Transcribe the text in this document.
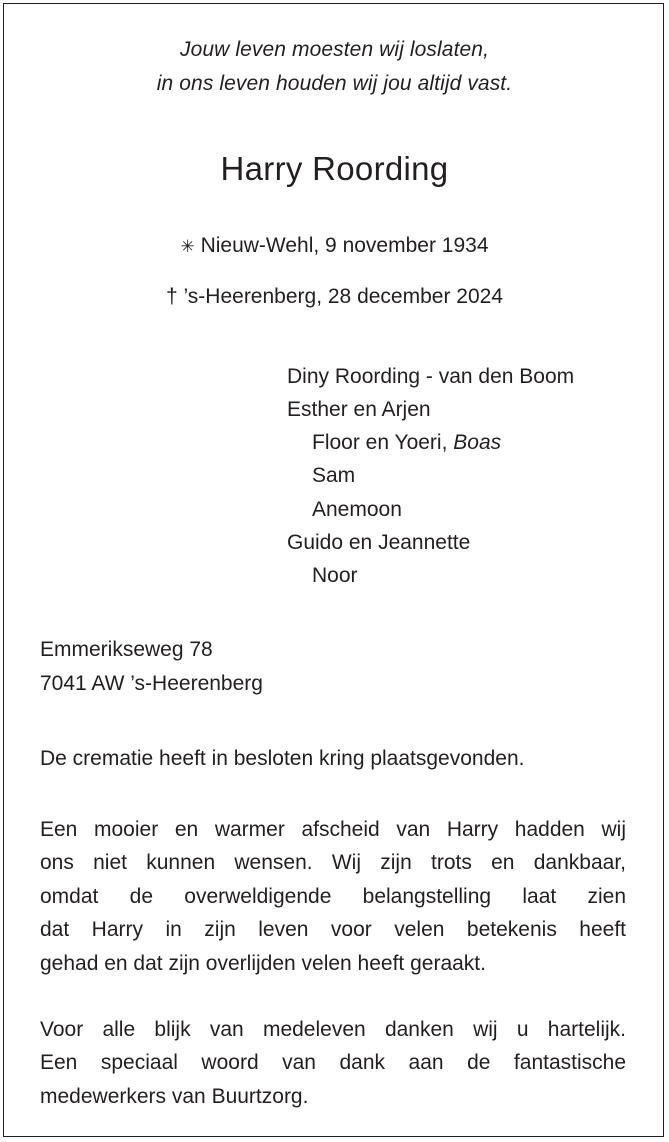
Jouw leven moesten wij loslaten,
in ons leven houden wij jou altijd vast.
Harry Roording
✳ Nieuw-Wehl, 9 november 1934
† ’s-Heerenberg, 28 december 2024
Diny Roording - van den Boom
Esther en Arjen
Floor en Yoeri, Boas
Sam
Anemoon
Guido en Jeannette
Noor
Emmerikseweg 78
7041 AW ’s-Heerenberg
De crematie heeft in besloten kring plaatsgevonden.
Een mooier en warmer afscheid van Harry hadden wij
ons niet kunnen wensen. Wij zijn trots en dankbaar,
omdat de overweldigende belangstelling laat zien
dat Harry in zijn leven voor velen betekenis heeft
gehad en dat zijn overlijden velen heeft geraakt.
Voor alle blijk van medeleven danken wij u hartelijk.
Een speciaal woord van dank aan de fantastische
medewerkers van Buurtzorg.
